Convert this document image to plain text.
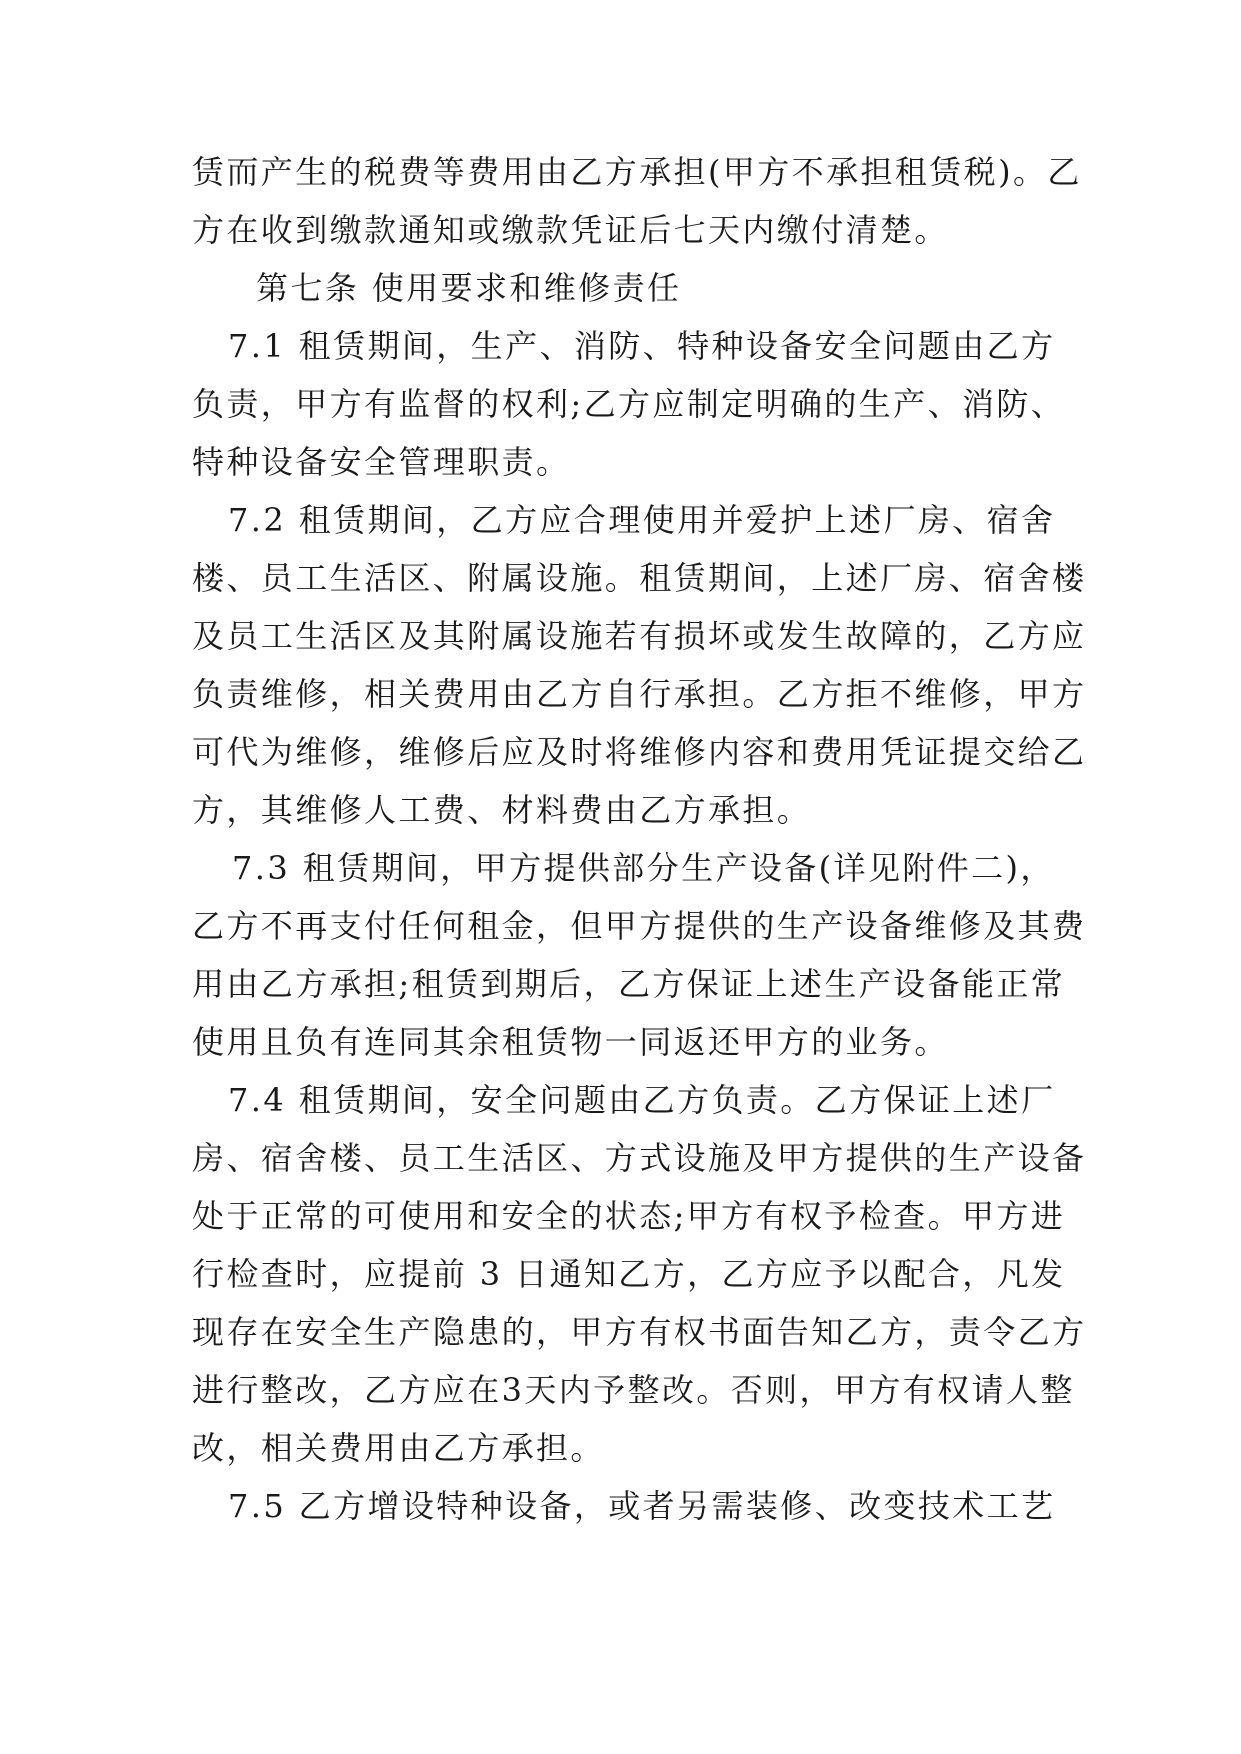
赁而产生的税费等费用由乙方承担(甲方不承担租赁税)。乙
方在收到缴款通知或缴款凭证后七天内缴付清楚。
第七条 使用要求和维修责任
7.1 租赁期间，生产、消防、特种设备安全问题由乙方
负责，甲方有监督的权利;乙方应制定明确的生产、消防、
特种设备安全管理职责。
7.2 租赁期间，乙方应合理使用并爱护上述厂房、宿舍
楼、员工生活区、附属设施。租赁期间，上述厂房、宿舍楼
及员工生活区及其附属设施若有损坏或发生故障的，乙方应
负责维修，相关费用由乙方自行承担。乙方拒不维修，甲方
可代为维修，维修后应及时将维修内容和费用凭证提交给乙
方，其维修人工费、材料费由乙方承担。
7.3 租赁期间，甲方提供部分生产设备(详见附件二)，
乙方不再支付任何租金，但甲方提供的生产设备维修及其费
用由乙方承担;租赁到期后，乙方保证上述生产设备能正常
使用且负有连同其余租赁物一同返还甲方的业务。
7.4 租赁期间，安全问题由乙方负责。乙方保证上述厂
房、宿舍楼、员工生活区、方式设施及甲方提供的生产设备
处于正常的可使用和安全的状态;甲方有权予检查。甲方进
行检查时，应提前 3 日通知乙方，乙方应予以配合，凡发
现存在安全生产隐患的，甲方有权书面告知乙方，责令乙方
进行整改，乙方应在3天内予整改。否则，甲方有权请人整
改，相关费用由乙方承担。
7.5 乙方增设特种设备，或者另需装修、改变技术工艺
